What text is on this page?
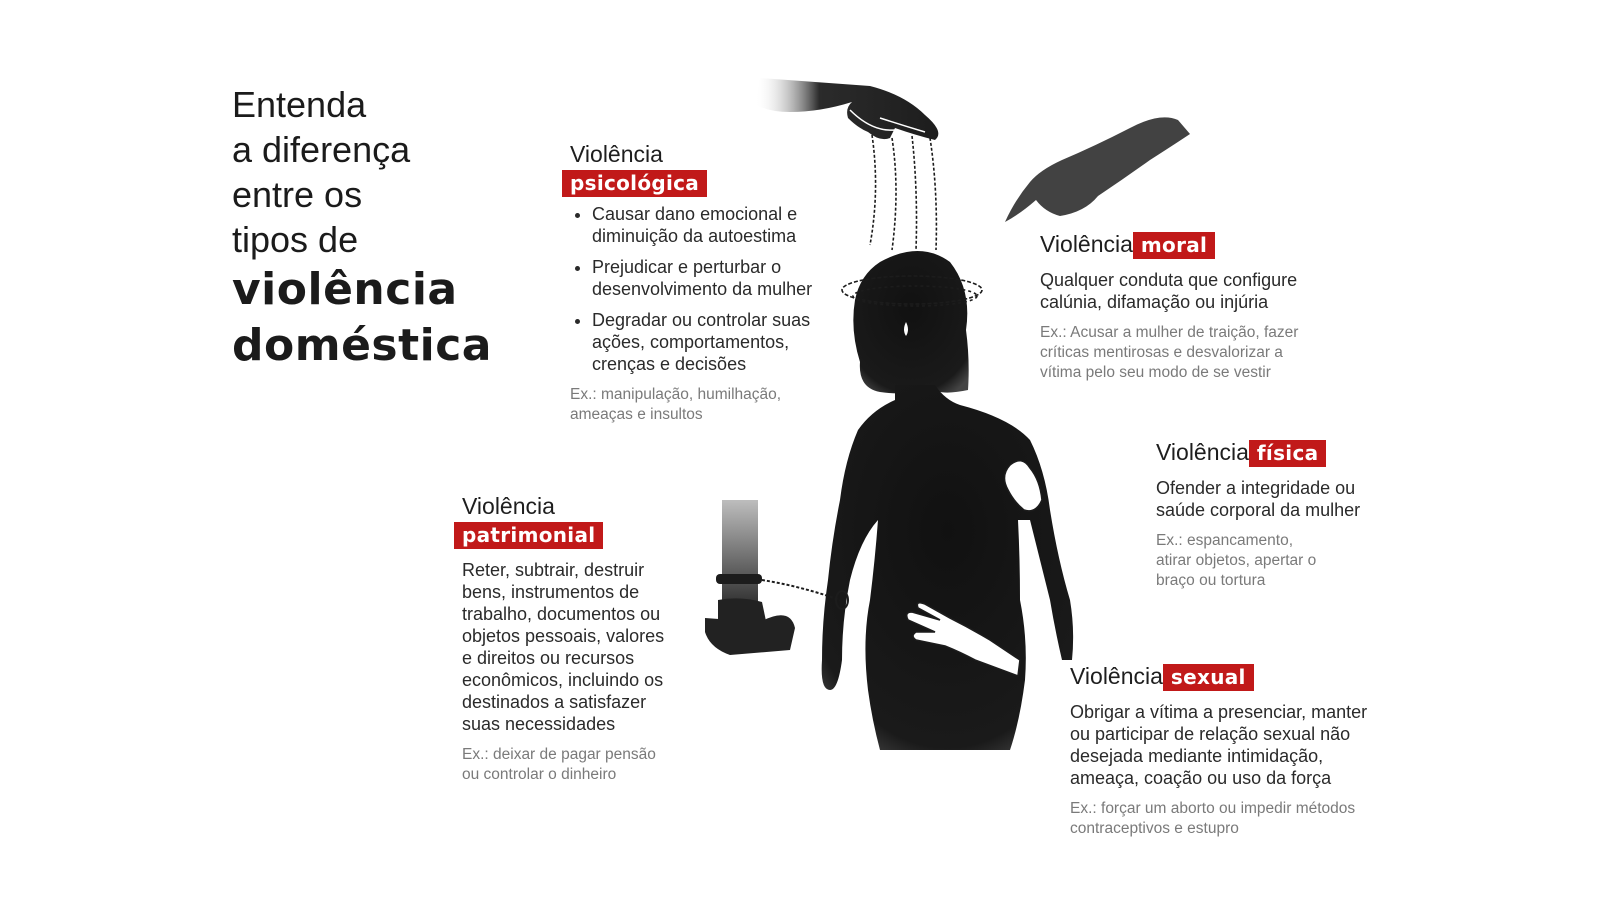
Entenda
a diferença
entre os
tipos de
violência
doméstica
Violência
psicológica
• Causar dano emocional e diminuição da autoestima
• Prejudicar e perturbar o desenvolvimento da mulher
• Degradar ou controlar suas ações, comportamentos, crenças e decisões
Ex.: manipulação, humilhação, ameaças e insultos
Violência moral
Qualquer conduta que configure calúnia, difamação ou injúria
Ex.: Acusar a mulher de traição, fazer críticas mentirosas e desvalorizar a vítima pelo seu modo de se vestir
Violência física
Ofender a integridade ou saúde corporal da mulher
Ex.: espancamento, atirar objetos, apertar o braço ou tortura
Violência
patrimonial
Reter, subtrair, destruir bens, instrumentos de trabalho, documentos ou objetos pessoais, valores e direitos ou recursos econômicos, incluindo os destinados a satisfazer suas necessidades
Ex.: deixar de pagar pensão ou controlar o dinheiro
Violência sexual
Obrigar a vítima a presenciar, manter ou participar de relação sexual não desejada mediante intimidação, ameaça, coação ou uso da força
Ex.: forçar um aborto ou impedir métodos contraceptivos e estupro
